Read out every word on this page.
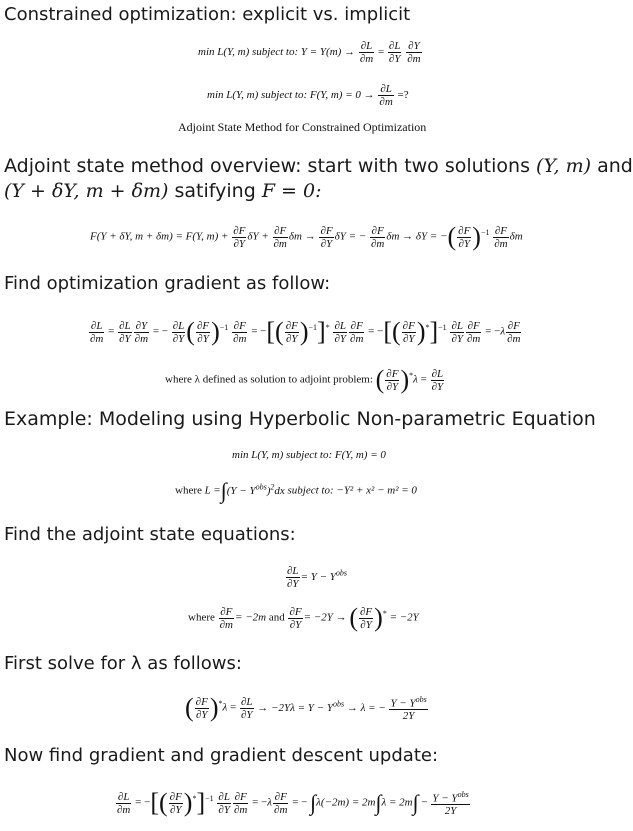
Constrained optimization: explicit vs. implicit
min L(Y, m) subject to: $Y = Y(m) \to \frac{\partial L}{\partial m} = \frac{\partial L}{\partial Y}$
$\frac{\partial Y}{\partial m}$
min L(Y, m) subject to: F(Y, $m) = 0 \to \frac{\partial L}{\partial m}$ =?
Adjoint State Method for Constrained Optimization
Adjoint state method overview: start with two solutions (Y, m) and
(Y + δY, m + δm) satifying F = 0:
F(Y + δY, m + δm) = F(Y, $m) + \frac{\partial F}{\partial Y}$ $\delta Y + \frac{\partial F}{\partial m}$ $\delta m \to \frac{\partial F}{\partial Y}$ δY = − $\frac{\partial F}{\partial m}$ δm → δY = −( $\frac{\partial F}{\partial Y} )^{-1} \frac{\partial F}{\partial m}$ δm
Find optimization gradient as follow:
$\frac{\partial L}{\partial m} = \frac{\partial L}{\partial Y} \frac{\partial Y}{\partial m}$ = − $\frac{\partial L}{\partial Y}$ ( $\frac{\partial F}{\partial Y} )^{-1} \frac{\partial F}{\partial m}$ = −[( $\frac{\partial F}{\partial Y} )^{-1}]^* \frac{\partial L}{\partial Y} \frac{\partial F}{\partial m}$ = −[( $\frac{\partial F}{\partial Y} )^*]^{-1} \frac{\partial L}{\partial Y} \frac{\partial F}{\partial m} = -\lambda \frac{\partial F}{\partial m}$
where λ defined as solution to adjoint problem: ( $\frac{\partial F}{\partial Y} )^*\lambda = \frac{\partial L}{\partial Y}$
Example: Modeling using Hyperbolic Non-parametric Equation
min L(Y, m) subject to: F(Y, m) = 0
where $L =\int(Y - Y^{obs})^2dx$ subject to: −Y² + x² − m² = 0
Find the adjoint state equations:
$\frac{\partial L}{\partial Y} = Y - Y^{obs}$
where $\frac{\partial F}{\partial m} = -2m$ and $\frac{\partial F}{\partial Y} = -2Y$ → ( $\frac{\partial F}{\partial Y} )^* = -2Y$
First solve for λ as follows:
( $\frac{\partial F}{\partial Y} )^*\lambda = \frac{\partial L}{\partial Y} \to -2Y\lambda = Y - Y^{obs} \to \lambda$ = − $\frac{Y - Y^{obs}}{2Y}$
Now find gradient and gradient descent update:
$\frac{\partial L}{\partial m}$ = −[( $\frac{\partial F}{\partial Y} )^*]^{-1} \frac{\partial L}{\partial Y} \frac{\partial F}{\partial m} = -\lambda \frac{\partial F}{\partial m}$ = − $\int\lambda(-2m) = 2m\int\lambda = 2m\int - \frac{Y - Y^{obs}}{2Y}$
